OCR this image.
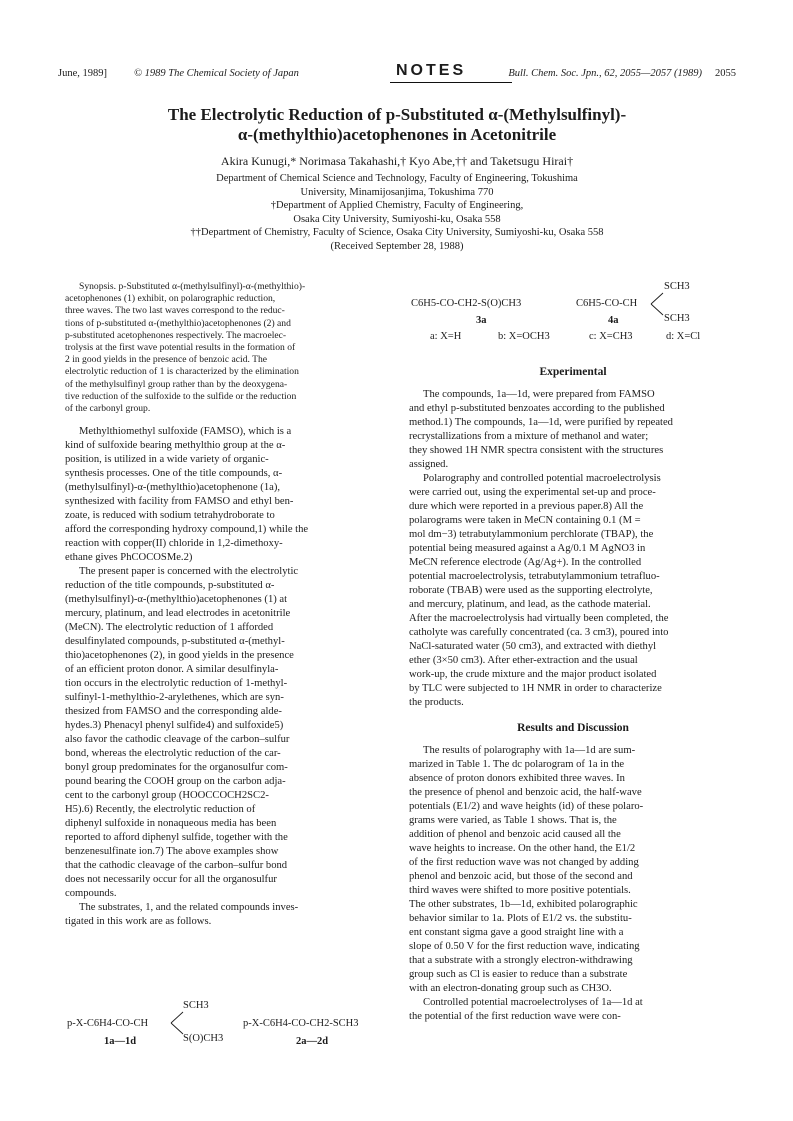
June, 1989]	© 1989 The Chemical Society of Japan	NOTES	Bull. Chem. Soc. Jpn., 62, 2055—2057 (1989) 2055
The Electrolytic Reduction of p-Substituted α-(Methylsulfinyl)-
α-(methylthio)acetophenones in Acetonitrile
Akira Kunugi,* Norimasa Takahashi,† Kyo Abe,†† and Taketsugu Hirai†
Department of Chemical Science and Technology, Faculty of Engineering, Tokushima
University, Minamijosanjima, Tokushima 770
†Department of Applied Chemistry, Faculty of Engineering,
Osaka City University, Sumiyoshi-ku, Osaka 558
††Department of Chemistry, Faculty of Science, Osaka City University, Sumiyoshi-ku, Osaka 558
(Received September 28, 1988)
Synopsis. p-Substituted α-(methylsulfinyl)-α-(methylthio)-
acetophenones (1) exhibit, on polarographic reduction,
three waves. The two last waves correspond to the reduc-
tions of p-substituted α-(methylthio)acetophenones (2) and
p-substituted acetophenones respectively. The macroelec-
trolysis at the first wave potential results in the formation of
2 in good yields in the presence of benzoic acid. The
electrolytic reduction of 1 is characterized by the elimination
of the methylsulfinyl group rather than by the deoxygena-
tive reduction of the sulfoxide to the sulfide or the reduction
of the carbonyl group.
Methylthiomethyl sulfoxide (FAMSO), which is a
kind of sulfoxide bearing methylthio group at the α-
position, is utilized in a wide variety of organic-
synthesis processes. One of the title compounds, α-
(methylsulfinyl)-α-(methylthio)acetophenone (1a),
synthesized with facility from FAMSO and ethyl ben-
zoate, is reduced with sodium tetrahydroborate to
afford the corresponding hydroxy compound,1) while the
reaction with copper(II) chloride in 1,2-dimethoxy-
ethane gives PhCOCOSMe.2)
The present paper is concerned with the electrolytic
reduction of the title compounds, p-substituted α-
(methylsulfinyl)-α-(methylthio)acetophenones (1) at
mercury, platinum, and lead electrodes in acetonitrile
(MeCN). The electrolytic reduction of 1 afforded
desulfinylated compounds, p-substituted α-(methyl-
thio)acetophenones (2), in good yields in the presence
of an efficient proton donor. A similar desulfinyla-
tion occurs in the electrolytic reduction of 1-methyl-
sulfinyl-1-methylthio-2-arylethenes, which are syn-
thesized from FAMSO and the corresponding alde-
hydes.3) Phenacyl phenyl sulfide4) and sulfoxide5)
also favor the cathodic cleavage of the carbon–sulfur
bond, whereas the electrolytic reduction of the car-
bonyl group predominates for the organosulfur com-
pound bearing the COOH group on the carbon adja-
cent to the carbonyl group (HOOCCOCH2SC2-
H5).6) Recently, the electrolytic reduction of
diphenyl sulfoxide in nonaqueous media has been
reported to afford diphenyl sulfide, together with the
benzenesulfinate ion.7) The above examples show
that the cathodic cleavage of the carbon–sulfur bond
does not necessarily occur for all the organosulfur
compounds.
The substrates, 1, and the related compounds inves-
tigated in this work are as follows.
SCH3
p-X-C6H4-CO-CH
S(O)CH3
p-X-C6H4-CO-CH2-SCH3
1a—1d	2a—2d
SCH3
C6H5-CO-CH2-S(O)CH3	C6H5-CO-CH
SCH3
3a	4a
a: X=H	b: X=OCH3	c: X=CH3	d: X=Cl
Experimental
The compounds, 1a—1d, were prepared from FAMSO
and ethyl p-substituted benzoates according to the published
method.1) The compounds, 1a—1d, were purified by repeated
recrystallizations from a mixture of methanol and water;
they showed 1H NMR spectra consistent with the structures
assigned.
Polarography and controlled potential macroelectrolysis
were carried out, using the experimental set-up and proce-
dure which were reported in a previous paper.8) All the
polarograms were taken in MeCN containing 0.1 (M =
mol dm−3) tetrabutylammonium perchlorate (TBAP), the
potential being measured against a Ag/0.1 M AgNO3 in
MeCN reference electrode (Ag/Ag+). In the controlled
potential macroelectrolysis, tetrabutylammonium tetrafluo-
roborate (TBAB) were used as the supporting electrolyte,
and mercury, platinum, and lead, as the cathode material.
After the macroelectrolysis had virtually been completed, the
catholyte was carefully concentrated (ca. 3 cm3), poured into
NaCl-saturated water (50 cm3), and extracted with diethyl
ether (3×50 cm3). After ether-extraction and the usual
work-up, the crude mixture and the major product isolated
by TLC were subjected to 1H NMR in order to characterize
the products.
Results and Discussion
The results of polarography with 1a—1d are sum-
marized in Table 1. The dc polarogram of 1a in the
absence of proton donors exhibited three waves. In
the presence of phenol and benzoic acid, the half-wave
potentials (E1/2) and wave heights (id) of these polaro-
grams were varied, as Table 1 shows. That is, the
addition of phenol and benzoic acid caused all the
wave heights to increase. On the other hand, the E1/2
of the first reduction wave was not changed by adding
phenol and benzoic acid, but those of the second and
third waves were shifted to more positive potentials.
The other substrates, 1b—1d, exhibited polarographic
behavior similar to 1a. Plots of E1/2 vs. the substitu-
ent constant sigma gave a good straight line with a
slope of 0.50 V for the first reduction wave, indicating
that a substrate with a strongly electron-withdrawing
group such as Cl is easier to reduce than a substrate
with an electron-donating group such as CH3O.
Controlled potential macroelectrolyses of 1a—1d at
the potential of the first reduction wave were con-
